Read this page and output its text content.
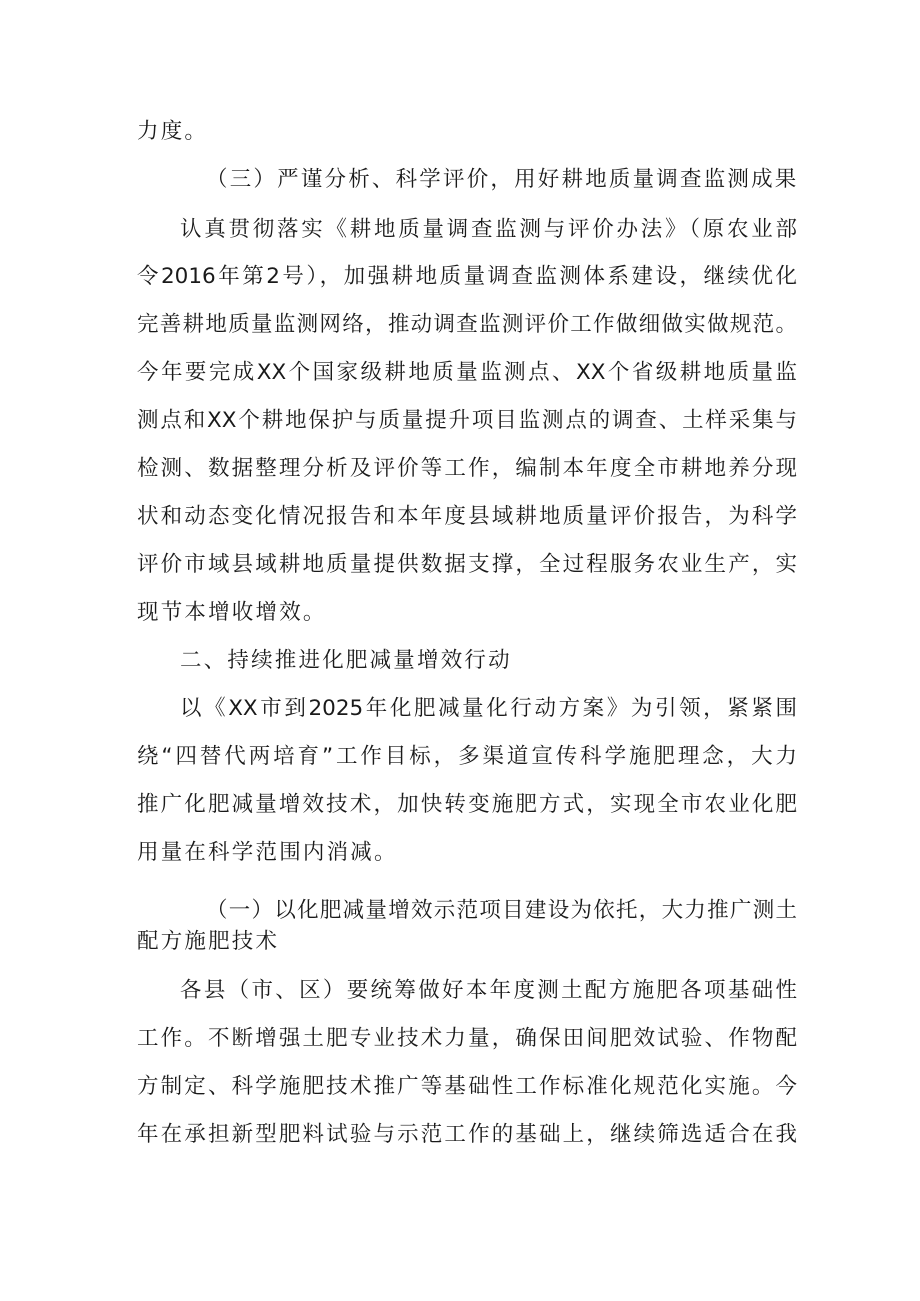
力度。

（三）严谨分析、科学评价，用好耕地质量调查监测成果

认真贯彻落实《耕地质量调查监测与评价办法》（原农业部

令2016年第2号），加强耕地质量调查监测体系建设，继续优化

完善耕地质量监测网络，推动调查监测评价工作做细做实做规范。

今年要完成XX个国家级耕地质量监测点、XX个省级耕地质量监

测点和XX个耕地保护与质量提升项目监测点的调查、土样采集与

检测、数据整理分析及评价等工作，编制本年度全市耕地养分现

状和动态变化情况报告和本年度县域耕地质量评价报告，为科学

评价市域县域耕地质量提供数据支撑，全过程服务农业生产，实

现节本增收增效。

二、持续推进化肥减量增效行动

以《XX市到2025年化肥减量化行动方案》为引领，紧紧围

绕“四替代两培育”工作目标，多渠道宣传科学施肥理念，大力

推广化肥减量增效技术，加快转变施肥方式，实现全市农业化肥

用量在科学范围内消减。

（一）以化肥减量增效示范项目建设为依托，大力推广测土

配方施肥技术

各县（市、区）要统筹做好本年度测土配方施肥各项基础性

工作。不断增强土肥专业技术力量，确保田间肥效试验、作物配

方制定、科学施肥技术推广等基础性工作标准化规范化实施。今

年在承担新型肥料试验与示范工作的基础上，继续筛选适合在我
